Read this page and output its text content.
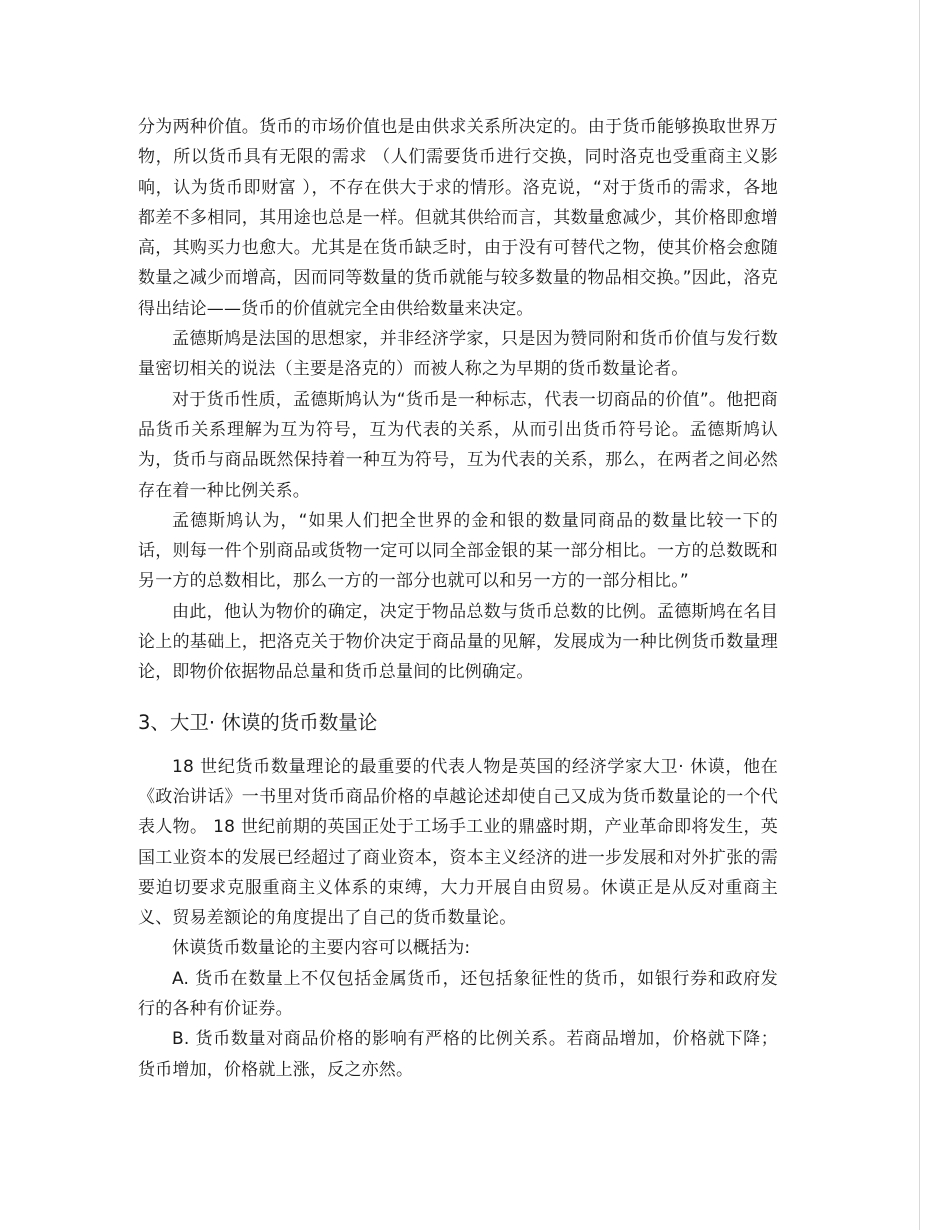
分为两种价值。货币的市场价值也是由供求关系所决定的。由于货币能够换取世界万物，所以货币具有无限的需求 （人们需要货币进行交换，同时洛克也受重商主义影响，认为货币即财富 ），不存在供大于求的情形。洛克说，“对于货币的需求，各地都差不多相同，其用途也总是一样。但就其供给而言，其数量愈减少，其价格即愈增高，其购买力也愈大。尤其是在货币缺乏时，由于没有可替代之物，使其价格会愈随数量之减少而增高，因而同等数量的货币就能与较多数量的物品相交换。”因此，洛克得出结论——货币的价值就完全由供给数量来决定。

孟德斯鸠是法国的思想家，并非经济学家，只是因为赞同附和货币价值与发行数量密切相关的说法（主要是洛克的）而被人称之为早期的货币数量论者。

对于货币性质，孟德斯鸠认为“货币是一种标志，代表一切商品的价值”。他把商品货币关系理解为互为符号，互为代表的关系，从而引出货币符号论。孟德斯鸠认为，货币与商品既然保持着一种互为符号，互为代表的关系，那么，在两者之间必然存在着一种比例关系。

孟德斯鸠认为，“如果人们把全世界的金和银的数量同商品的数量比较一下的话，则每一件个别商品或货物一定可以同全部金银的某一部分相比。一方的总数既和另一方的总数相比，那么一方的一部分也就可以和另一方的一部分相比。”

由此，他认为物价的确定，决定于物品总数与货币总数的比例。孟德斯鸠在名目论上的基础上，把洛克关于物价决定于商品量的见解，发展成为一种比例货币数量理论，即物价依据物品总量和货币总量间的比例确定。

3、大卫· 休谟的货币数量论

18 世纪货币数量理论的最重要的代表人物是英国的经济学家大卫· 休谟，他在《政治讲话》一书里对货币商品价格的卓越论述却使自己又成为货币数量论的一个代表人物。 18 世纪前期的英国正处于工场手工业的鼎盛时期，产业革命即将发生，英国工业资本的发展已经超过了商业资本，资本主义经济的进一步发展和对外扩张的需要迫切要求克服重商主义体系的束缚，大力开展自由贸易。休谟正是从反对重商主义、贸易差额论的角度提出了自己的货币数量论。

休谟货币数量论的主要内容可以概括为:

A. 货币在数量上不仅包括金属货币，还包括象征性的货币，如银行券和政府发行的各种有价证券。

B. 货币数量对商品价格的影响有严格的比例关系。若商品增加，价格就下降；货币增加，价格就上涨，反之亦然。
